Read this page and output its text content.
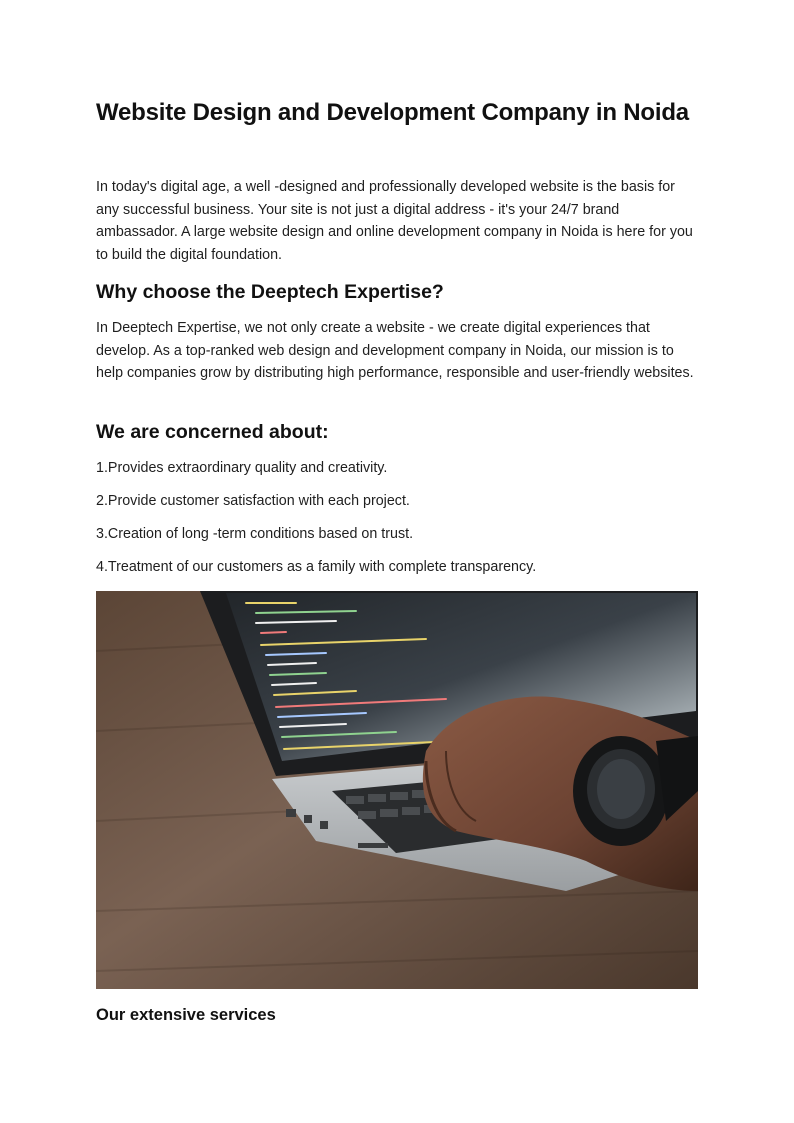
Website Design and Development Company in Noida

In today's digital age, a well -designed and professionally developed website is the basis for any successful business. Your site is not just a digital address - it's your 24/7 brand ambassador. A large website design and online development company in Noida is here for you to build the digital foundation.

Why choose the Deeptech Expertise?

In Deeptech Expertise, we not only create a website - we create digital experiences that develop. As a top-ranked web design and development company in Noida, our mission is to help companies grow by distributing high performance, responsible and user-friendly websites.

We are concerned about:

1.Provides extraordinary quality and creativity.

2.Provide customer satisfaction with each project.

3.Creation of long -term conditions based on trust.

4.Treatment of our customers as a family with complete transparency.

Our extensive services
